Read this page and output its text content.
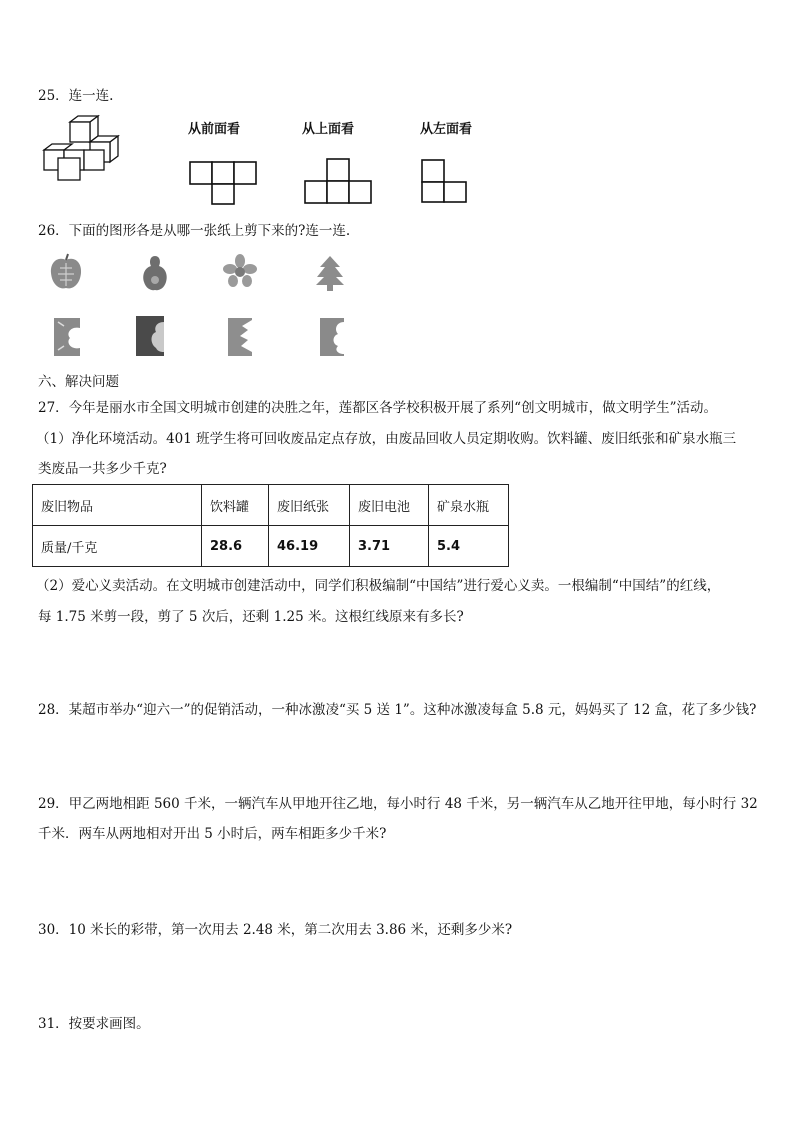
25．连一连.
从前面看	从上面看	从左面看
26．下面的图形各是从哪一张纸上剪下来的?连一连.
六、解决问题
27．今年是丽水市全国文明城市创建的决胜之年，莲都区各学校积极开展了系列“创文明城市，做文明学生”活动。
（1）净化环境活动。401 班学生将可回收废品定点存放，由废品回收人员定期收购。饮料罐、废旧纸张和矿泉水瓶三
类废品一共多少千克?
废旧物品	饮料罐	废旧纸张	废旧电池	矿泉水瓶
质量/千克	28.6	46.19	3.71	5.4
（2）爱心义卖活动。在文明城市创建活动中，同学们积极编制“中国结”进行爱心义卖。一根编制“中国结”的红线，
每 1.75 米剪一段，剪了 5 次后，还剩 1.25 米。这根红线原来有多长?
28．某超市举办“迎六一”的促销活动，一种冰激凌“买 5 送 1”。这种冰激凌每盒 5.8 元，妈妈买了 12 盒，花了多少钱?
29．甲乙两地相距 560 千米，一辆汽车从甲地开往乙地，每小时行 48 千米，另一辆汽车从乙地开往甲地，每小时行 32
千米．两车从两地相对开出 5 小时后，两车相距多少千米?
30．10 米长的彩带，第一次用去 2.48 米，第二次用去 3.86 米，还剩多少米?
31．按要求画图。
